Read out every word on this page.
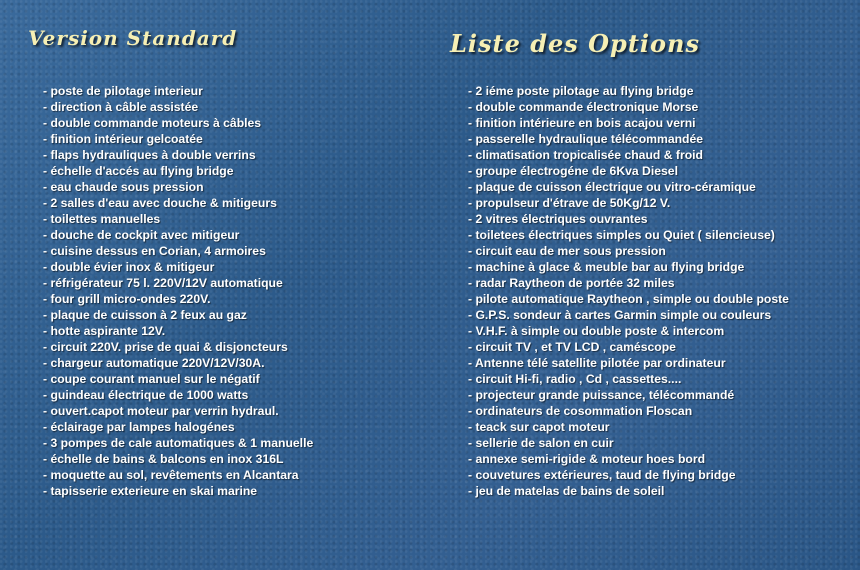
Version Standard	Liste des Options
- poste de pilotage interieur
- direction à câble assistée
- double commande moteurs à câbles
- finition intérieur gelcoatée
- flaps hydrauliques à double verrins
- échelle d'accés au flying bridge
- eau chaude sous pression
- 2 salles d'eau avec douche & mitigeurs
- toilettes manuelles
- douche de cockpit avec mitigeur
- cuisine dessus en Corian, 4 armoires
- double évier inox & mitigeur
- réfrigérateur 75 l. 220V/12V automatique
- four grill micro-ondes 220V.
- plaque de cuisson à 2 feux au gaz
- hotte aspirante 12V.
- circuit 220V. prise de quai & disjoncteurs
- chargeur automatique 220V/12V/30A.
- coupe courant manuel sur le négatif
- guindeau électrique de 1000 watts
- ouvert.capot moteur par verrin hydraul.
- éclairage par lampes halogénes
- 3 pompes de cale automatiques & 1 manuelle
- échelle de bains & balcons en inox 316L
- moquette au sol, revêtements en Alcantara
- tapisserie exterieure en skai marine
- 2 iéme poste pilotage au flying bridge
- double commande électronique Morse
- finition intérieure en bois acajou verni
- passerelle hydraulique télécommandée
- climatisation tropicalisée chaud & froid
- groupe électrogéne de 6Kva Diesel
- plaque de cuisson électrique ou vitro-céramique
- propulseur d'étrave de 50Kg/12 V.
- 2 vitres électriques ouvrantes
- toiletees électriques simples ou Quiet ( silencieuse)
- circuit eau de mer sous pression
- machine à glace & meuble bar au flying bridge
- radar Raytheon de portée 32 miles
- pilote automatique Raytheon , simple ou double poste
- G.P.S. sondeur à cartes Garmin simple ou couleurs
- V.H.F. à simple ou double poste & intercom
- circuit TV , et TV LCD , caméscope
- Antenne télé satellite pilotée par ordinateur
- circuit Hi-fi, radio , Cd , cassettes....
- projecteur grande puissance, télécommandé
- ordinateurs de cosommation Floscan
- teack sur capot moteur
- sellerie de salon en cuir
- annexe semi-rigide & moteur hoes bord
- couvetures extérieures, taud de flying bridge
- jeu de matelas de bains de soleil
